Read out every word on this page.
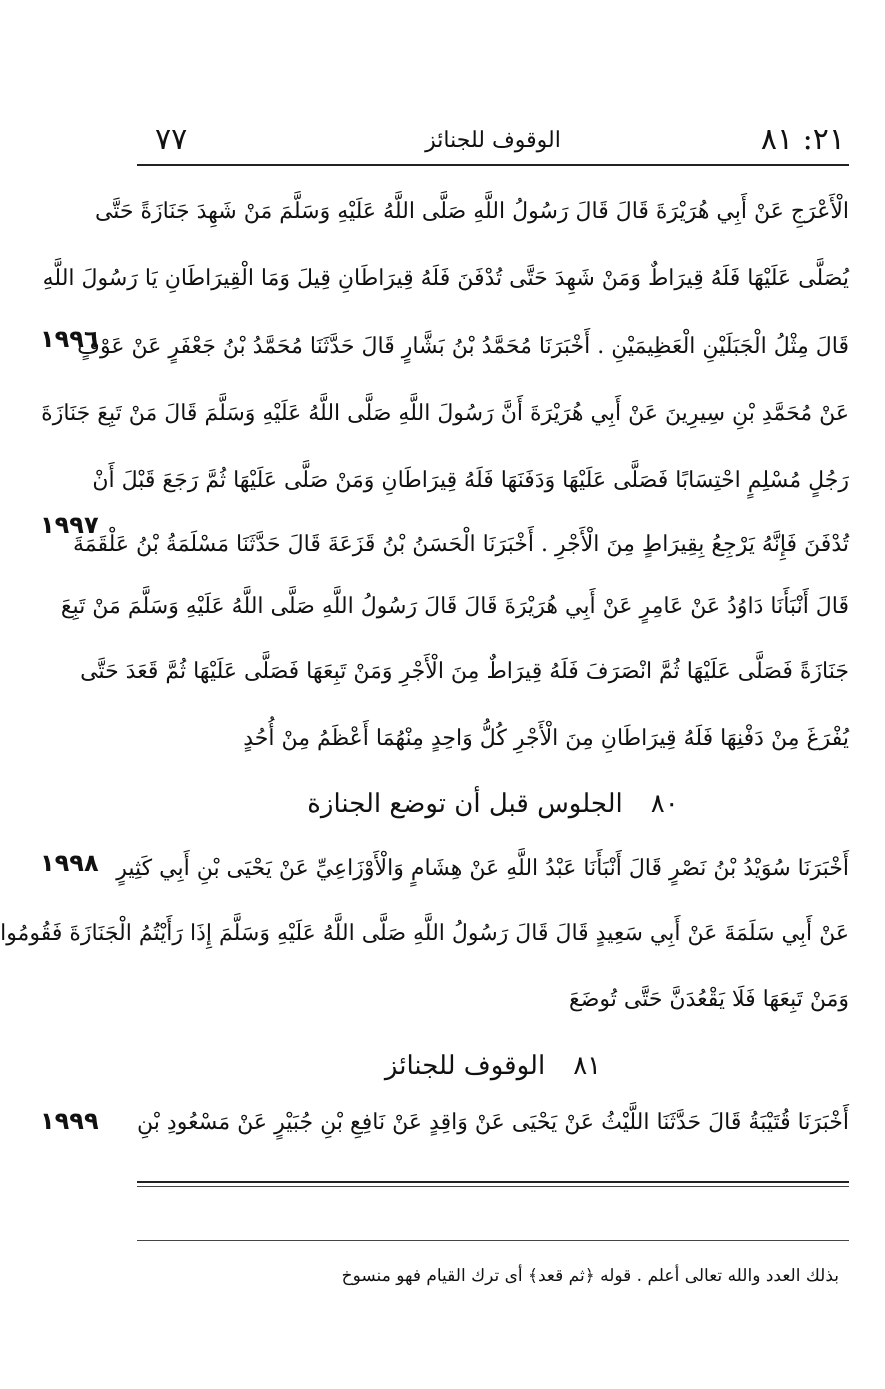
٢١: ٨١
الوقوف للجنائز
٧٧
الْأَعْرَجِ عَنْ أَبِي هُرَيْرَةَ قَالَ قَالَ رَسُولُ اللَّهِ صَلَّى اللَّهُ عَلَيْهِ وَسَلَّمَ مَنْ شَهِدَ جَنَازَةً حَتَّى
يُصَلَّى عَلَيْهَا فَلَهُ قِيرَاطٌ وَمَنْ شَهِدَ حَتَّى تُدْفَنَ فَلَهُ قِيرَاطَانِ قِيلَ وَمَا الْقِيرَاطَانِ يَا رَسُولَ اللَّهِ
قَالَ مِثْلُ الْجَبَلَيْنِ الْعَظِيمَيْنِ . أَخْبَرَنَا مُحَمَّدُ بْنُ بَشَّارٍ قَالَ حَدَّثَنَا مُحَمَّدُ بْنُ جَعْفَرٍ عَنْ عَوْفٍ
١٩٩٦
عَنْ مُحَمَّدِ بْنِ سِيرِينَ عَنْ أَبِي هُرَيْرَةَ أَنَّ رَسُولَ اللَّهِ صَلَّى اللَّهُ عَلَيْهِ وَسَلَّمَ قَالَ مَنْ تَبِعَ جَنَازَةَ
رَجُلٍ مُسْلِمٍ احْتِسَابًا فَصَلَّى عَلَيْهَا وَدَفَنَهَا فَلَهُ قِيرَاطَانِ وَمَنْ صَلَّى عَلَيْهَا ثُمَّ رَجَعَ قَبْلَ أَنْ
تُدْفَنَ فَإِنَّهُ يَرْجِعُ بِقِيرَاطٍ مِنَ الْأَجْرِ . أَخْبَرَنَا الْحَسَنُ بْنُ قَزَعَةَ قَالَ حَدَّثَنَا مَسْلَمَةُ بْنُ عَلْقَمَةَ
١٩٩٧
قَالَ أَنْبَأَنَا دَاوُدُ عَنْ عَامِرٍ عَنْ أَبِي هُرَيْرَةَ قَالَ قَالَ رَسُولُ اللَّهِ صَلَّى اللَّهُ عَلَيْهِ وَسَلَّمَ مَنْ تَبِعَ
جَنَازَةً فَصَلَّى عَلَيْهَا ثُمَّ انْصَرَفَ فَلَهُ قِيرَاطٌ مِنَ الْأَجْرِ وَمَنْ تَبِعَهَا فَصَلَّى عَلَيْهَا ثُمَّ قَعَدَ حَتَّى
يُفْرَغَ مِنْ دَفْنِهَا فَلَهُ قِيرَاطَانِ مِنَ الْأَجْرِ كُلُّ وَاحِدٍ مِنْهُمَا أَعْظَمُ مِنْ أُحُدٍ
٨٠الجلوس قبل أن توضع الجنازة
أَخْبَرَنَا سُوَيْدُ بْنُ نَصْرٍ قَالَ أَنْبَأَنَا عَبْدُ اللَّهِ عَنْ هِشَامٍ وَالْأَوْزَاعِيِّ عَنْ يَحْيَى بْنِ أَبِي كَثِيرٍ
١٩٩٨
عَنْ أَبِي سَلَمَةَ عَنْ أَبِي سَعِيدٍ قَالَ قَالَ رَسُولُ اللَّهِ صَلَّى اللَّهُ عَلَيْهِ وَسَلَّمَ إِذَا رَأَيْتُمُ الْجَنَازَةَ فَقُومُوا
وَمَنْ تَبِعَهَا فَلَا يَقْعُدَنَّ حَتَّى تُوضَعَ
٨١الوقوف للجنائز
أَخْبَرَنَا قُتَيْبَةُ قَالَ حَدَّثَنَا اللَّيْثُ عَنْ يَحْيَى عَنْ وَاقِدٍ عَنْ نَافِعِ بْنِ جُبَيْرٍ عَنْ مَسْعُودِ بْنِ
١٩٩٩
بذلك العدد والله تعالى أعلم . قوله ﴿ثم قعد﴾ أى ترك القيام فهو منسوخ
